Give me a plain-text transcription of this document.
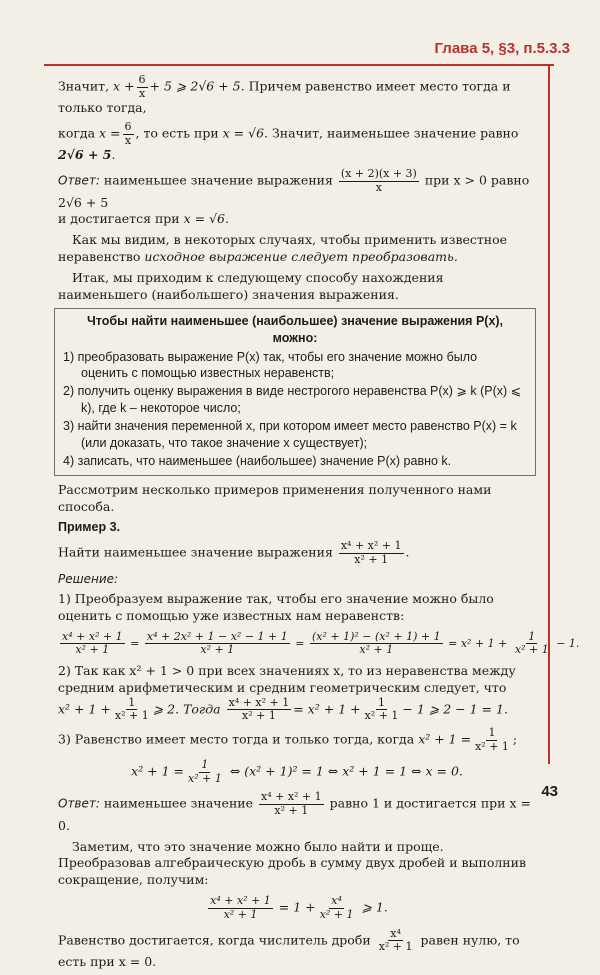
Глава 5, §3, п.5.3.3

Значит, $x + \frac{6}{x} + 5$ ⩾ 2√6 + 5. Причем равенство имеет место тогда и только тогда,

когда $x = \frac{6}{x}$ , то есть при x = √6. Значит, наименьшее значение равно 2√6 + 5.

Ответ: наименьшее значение выражения $\frac{(x + 2)(x + 3)}{x}$ при x > 0 равно 2√6 + 5
и достигается при x = √6.

Как мы видим, в некоторых случаях, чтобы применить известное неравенство исходное выражение следует преобразовать.

Итак, мы приходим к следующему способу нахождения наименьшего (наибольшего) значения выражения.

Чтобы найти наименьшее (наибольшее) значение выражения P(x),
можно:
1) преобразовать выражение P(x) так, чтобы его значение можно было оценить с помощью известных неравенств;
2) получить оценку выражения в виде нестрогого неравенства P(x) ⩾ k (P(x) ⩽ k), где k – некоторое число;
3) найти значения переменной x, при котором имеет место равенство P(x) = k (или доказать, что такое значение x существует);
4) записать, что наименьшее (наибольшее) значение P(x) равно k.

Рассмотрим несколько примеров применения полученного нами способа.

Пример 3.

Найти наименьшее значение выражения $\frac{\text{x⁴ + x² + 1}}{\text{x² + 1}}$ .

Решение:

1) Преобразуем выражение так, чтобы его значение можно было оценить с помощью уже известных нам неравенств:

$\frac{\text{x⁴ + x² + 1}}{\text{x² + 1}} = \frac{\text{x⁴ + 2x² + 1 − x² − 1 + 1}}{\text{x² + 1}} = \frac{\text{(x² + 1)² − (x² + 1) + 1}}{\text{x² + 1}} = x^2 + 1 + \frac{1}{\text{x² + 1}} - 1$.

2) Так как x² + 1 > 0 при всех значениях x, то из неравенства между средним арифметическим и средним геометрическим следует, что $x^2 + 1 + \frac{1}{\text{x² + 1}}$ ⩾ 2. Тогда $\frac{\text{x⁴ + x² + 1}}{\text{x² + 1}} = x^2 + 1 + \frac{1}{\text{x² + 1}} - 1$ ⩾ 2 − 1 = 1.

3) Равенство имеет место тогда и только тогда, когда $x^2 + 1 = \frac{1}{\text{x² + 1}}$ ;

$x^2 + 1 = \frac{1}{\text{x² + 1}}$ ⇔ (x² + 1)² = 1 ⇔ x² + 1 = 1 ⇔ x = 0.

Ответ: наименьшее значение $\frac{\text{x⁴ + x² + 1}}{\text{x² + 1}}$ равно 1 и достигается при x = 0.

Заметим, что это значение можно было найти и проще. Преобразовав алгебраическую дробь в сумму двух дробей и выполнив сокращение, получим:

$\frac{\text{x⁴ + x² + 1}}{\text{x² + 1}} = 1 + \frac{\text{x⁴}}{\text{x² + 1}}$ ⩾ 1.

Равенство достигается, когда числитель дроби $\frac{\text{x⁴}}{\text{x² + 1}}$ равен нулю, то есть при x = 0.

43
